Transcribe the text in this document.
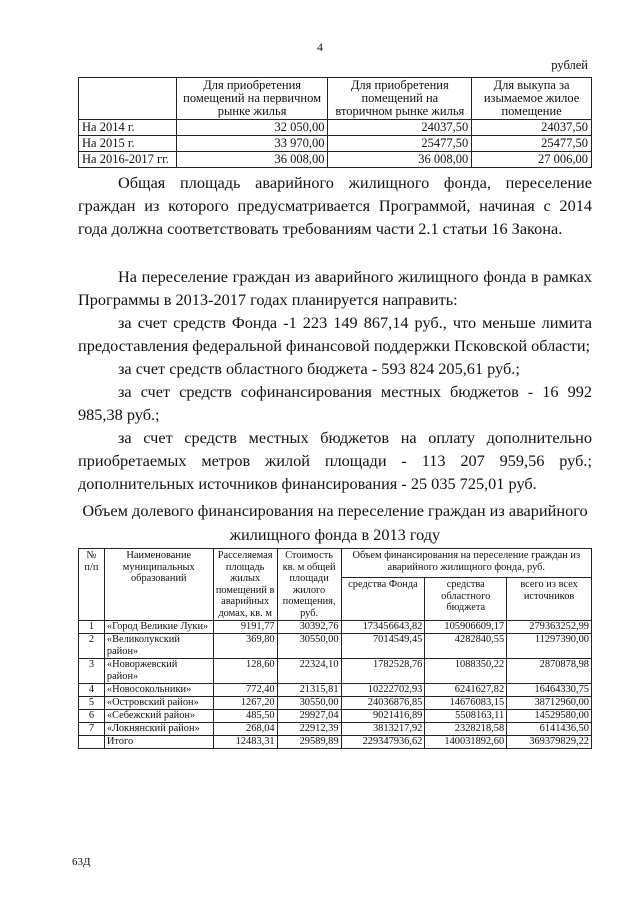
4
рублей
	Для приобретения помещений на первичном рынке жилья	Для приобретения помещений на вторичном рынке жилья	Для выкупа за изымаемое жилое помещение
На 2014 г.	32 050,00	24037,50	24037,50
На 2015 г.	33 970,00	25477,50	25477,50
На 2016-2017 гг.	36 008,00	36 008,00	27 006,00

Общая площадь аварийного жилищного фонда, переселение граждан из которого предусматривается Программой, начиная с 2014 года должна соответствовать требованиям части 2.1 статьи 16 Закона.

На переселение граждан из аварийного жилищного фонда в рамках Программы в 2013-2017 годах планируется направить:

за счет средств Фонда -1 223 149 867,14 руб., что меньше лимита предоставления федеральной финансовой поддержки Псковской области;

за счет средств областного бюджета - 593 824 205,61 руб.;

за счет средств софинансирования местных бюджетов - 16 992 985,38 руб.;

за счет средств местных бюджетов на оплату дополнительно приобретаемых метров жилой площади - 113 207 959,56 руб.; дополнительных источников финансирования - 25 035 725,01 руб.

Объем долевого финансирования на переселение граждан из аварийного жилищного фонда в 2013 году
№ п/п	Наименование муниципальных образований	Расселяемая площадь жилых помещений в аварийных домах, кв. м	Стоимость кв. м общей площади жилого помещения, руб.	Объем финансирования на переселение граждан из аварийного жилищного фонда, руб.		
				средства Фонда	средства областного бюджета	всего из всех источников
1	«Город Великие Луки»	9191,77	30392,76	173456643,82	105906609,17	279363252,99
2	«Великолукский район»	369,80	30550,00	7014549,45	4282840,55	11297390,00
3	«Новоржевский район»	128,60	22324,10	1782528,76	1088350,22	2870878,98
4	«Новосокольники»	772,40	21315,81	10222702,93	6241627,82	16464330,75
5	«Островский район»	1267,20	30550,00	24036876,85	14676083,15	38712960,00
6	«Себежский район»	485,50	29927,04	9021416,89	5508163,11	14529580,00
7	«Локнянский район»	268,04	22912,39	3813217,92	2328218,58	6141436,50
	Итого	12483,31	29589,89	229347936,62	140031892,60	369379829,22
63Д
